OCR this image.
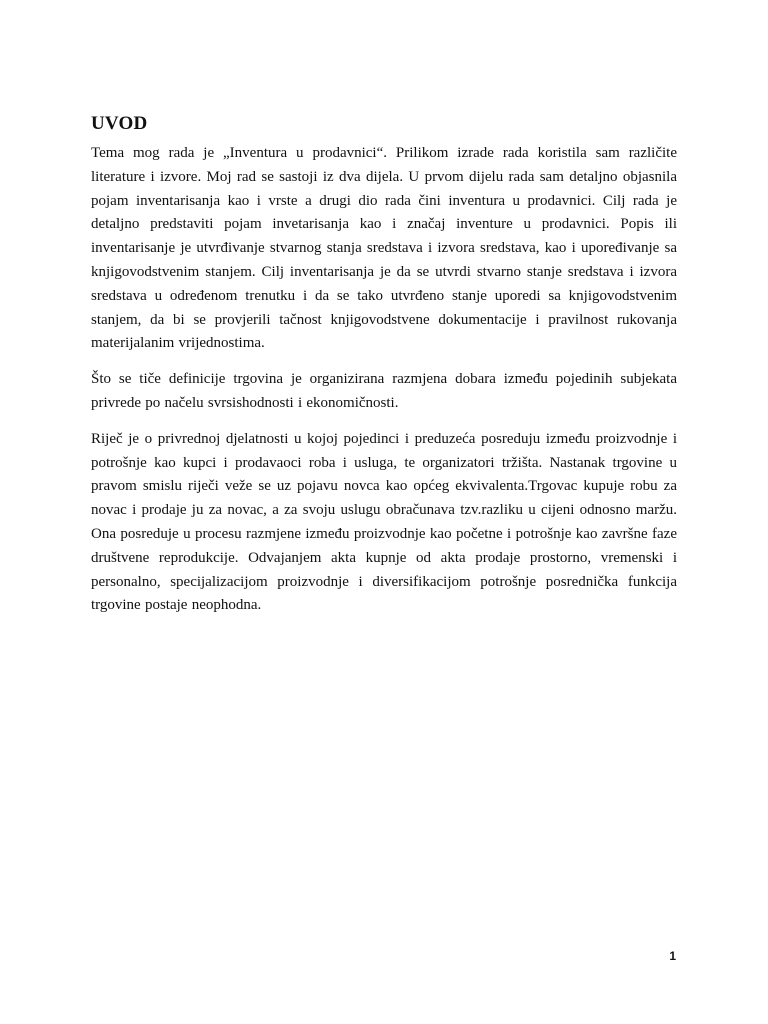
UVOD

Tema mog rada je „Inventura u prodavnici“. Prilikom izrade rada koristila sam različite literature i izvore. Moj rad se sastoji iz dva dijela. U prvom dijelu rada sam detaljno objasnila pojam inventarisanja kao i vrste a drugi dio rada čini inventura u prodavnici. Cilj rada je detaljno predstaviti pojam invetarisanja kao i značaj inventure u prodavnici. Popis ili inventarisanje je utvrđivanje stvarnog stanja sredstava i izvora sredstava, kao i upoređivanje sa knjigovodstvenim stanjem. Cilj inventarisanja je da se utvrdi stvarno stanje sredstava i izvora sredstava u određenom trenutku i da se tako utvrđeno stanje uporedi sa knjigovodstvenim stanjem, da bi se provjerili tačnost knjigovodstvene dokumentacije i pravilnost rukovanja materijalanim vrijednostima.

Što se tiče definicije trgovina je organizirana razmjena dobara između pojedinih subjekata privrede po načelu svrsishodnosti i ekonomičnosti.

Riječ je o privrednoj djelatnosti u kojoj pojedinci i preduzeća posreduju između proizvodnje i potrošnje kao kupci i prodavaoci roba i usluga, te organizatori tržišta. Nastanak trgovine u pravom smislu riječi veže se uz pojavu novca kao općeg ekvivalenta.Trgovac kupuje robu za novac i prodaje ju za novac, a za svoju uslugu obračunava tzv.razliku u cijeni odnosno maržu. Ona posreduje u procesu razmjene između proizvodnje kao početne i potrošnje kao završne faze društvene reprodukcije. Odvajanjem akta kupnje od akta prodaje prostorno, vremenski i personalno, specijalizacijom proizvodnje i diversifikacijom potrošnje posrednička funkcija trgovine postaje neophodna.

1
